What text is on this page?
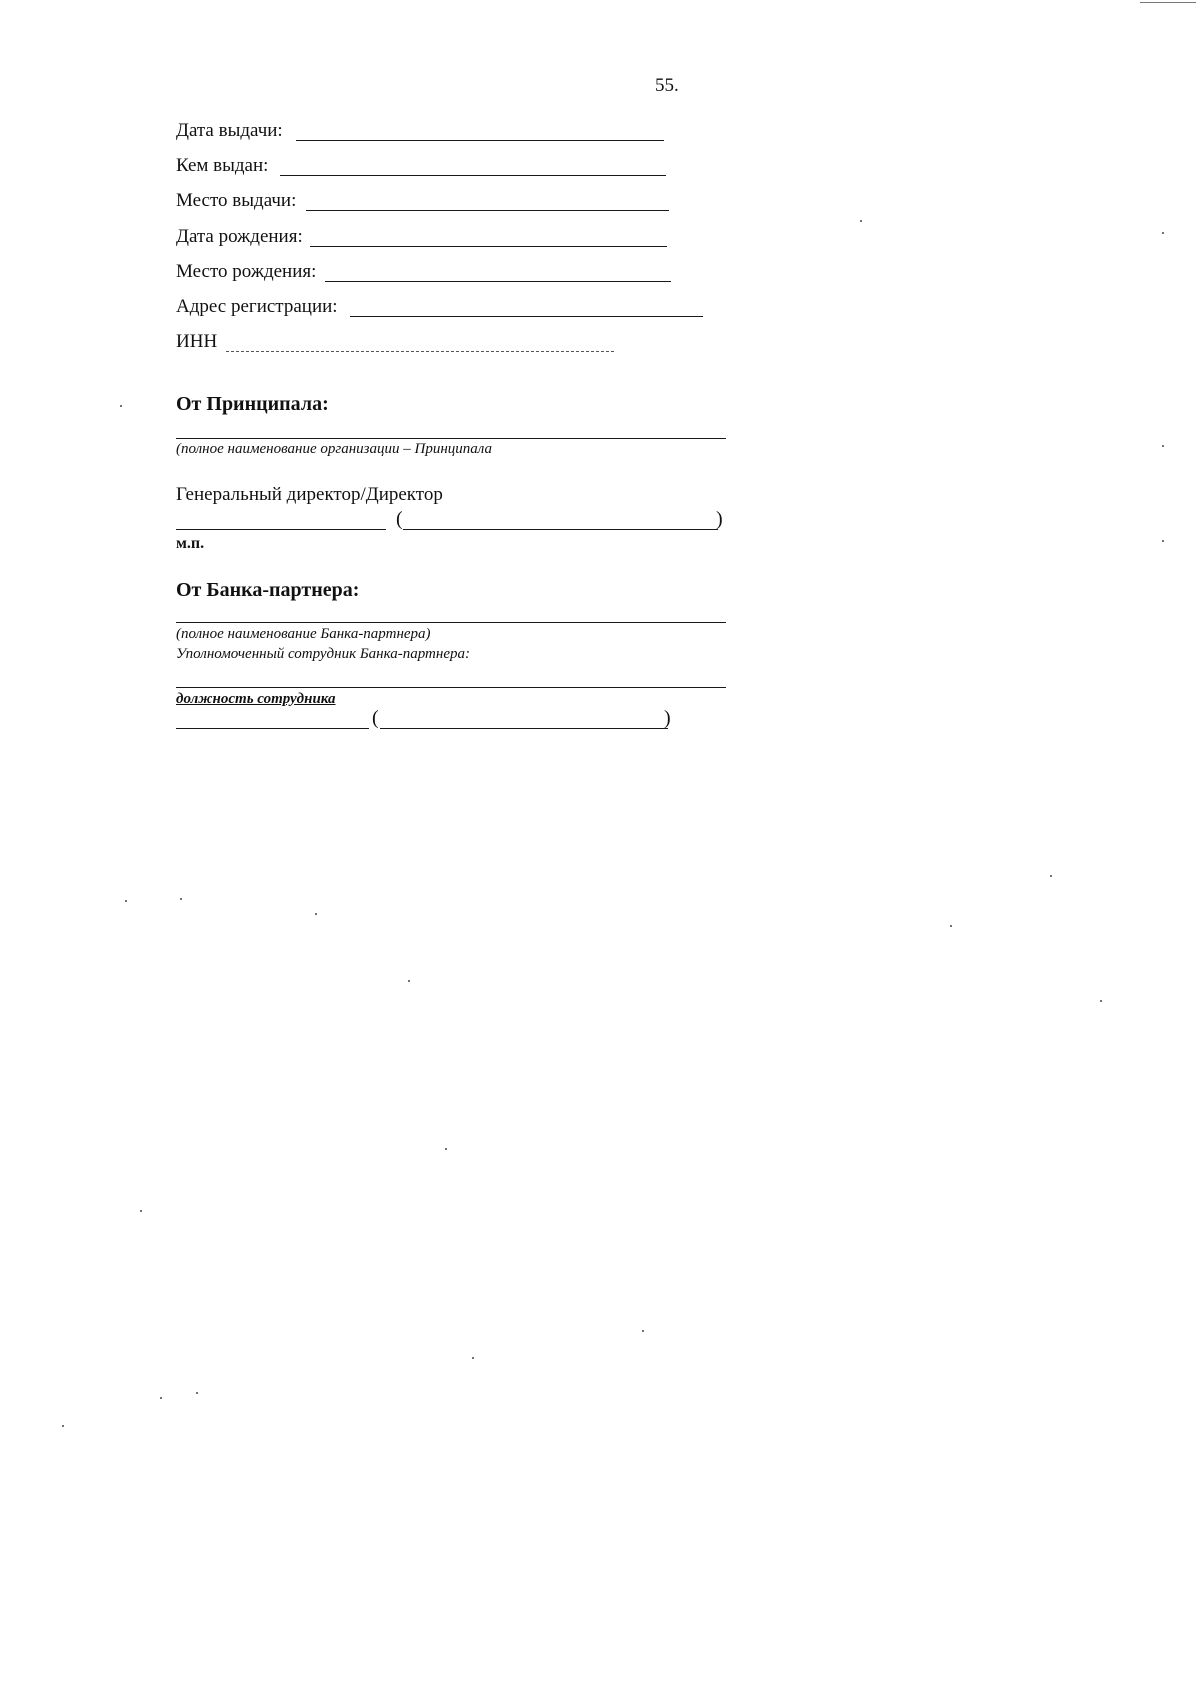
55.
Дата выдачи:
Кем выдан:
Место выдачи:
Дата рождения:
Место рождения:
Адрес регистрации:
ИНН
От Принципала:
(полное наименование организации – Принципала
Генеральный директор/Директор
(	)
м.п.
От Банка-партнера:
(полное наименование Банка-партнера)
Уполномоченный сотрудник Банка-партнера:
должность сотрудника
(	)
